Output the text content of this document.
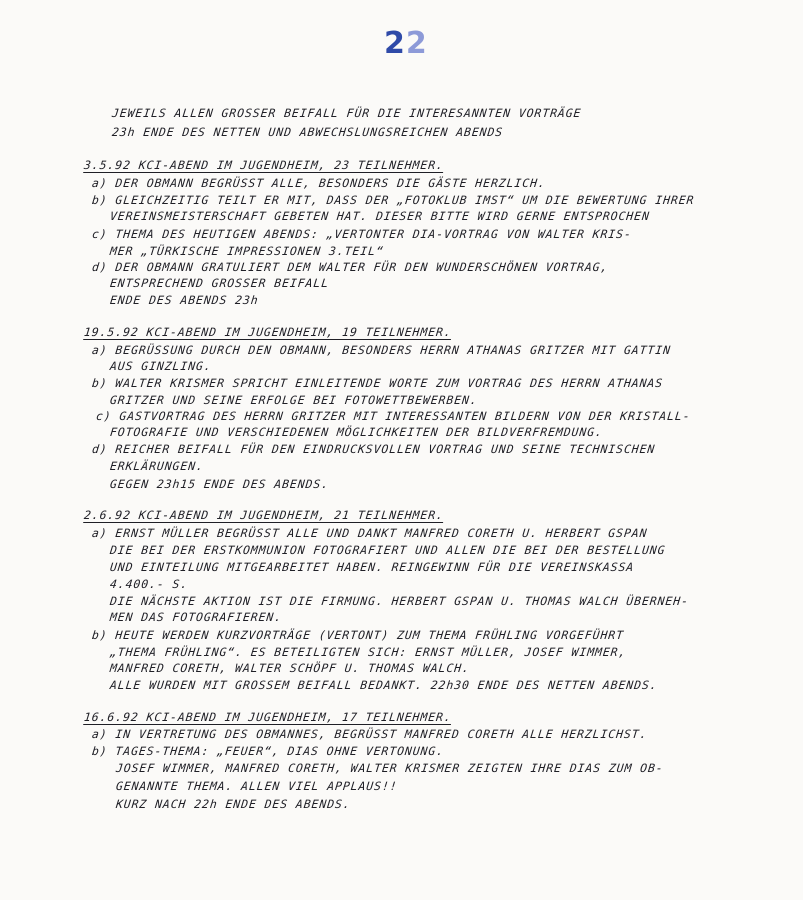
22
JEWEILS ALLEN GROSSER BEIFALL FÜR DIE INTERESANNTEN VORTRÄGE
23h ENDE DES NETTEN UND ABWECHSLUNGSREICHEN ABENDS
3.5.92 KCI-ABEND IM JUGENDHEIM, 23 TEILNEHMER.
a) DER OBMANN BEGRÜSST ALLE, BESONDERS DIE GÄSTE HERZLICH.
b) GLEICHZEITIG TEILT ER MIT, DASS DER „FOTOKLUB IMST“ UM DIE BEWERTUNG IHRER
VEREINSMEISTERSCHAFT GEBETEN HAT. DIESER BITTE WIRD GERNE ENTSPROCHEN
c) THEMA DES HEUTIGEN ABENDS: „VERTONTER DIA-VORTRAG VON WALTER KRIS-
MER „TÜRKISCHE IMPRESSIONEN 3.TEIL“
d) DER OBMANN GRATULIERT DEM WALTER FÜR DEN WUNDERSCHÖNEN VORTRAG,
ENTSPRECHEND GROSSER BEIFALL
ENDE DES ABENDS 23h
19.5.92 KCI-ABEND IM JUGENDHEIM, 19 TEILNEHMER.
a) BEGRÜSSUNG DURCH DEN OBMANN, BESONDERS HERRN ATHANAS GRITZER MIT GATTIN
AUS GINZLING.
b) WALTER KRISMER SPRICHT EINLEITENDE WORTE ZUM VORTRAG DES HERRN ATHANAS
GRITZER UND SEINE ERFOLGE BEI FOTOWETTBEWERBEN.
c) GASTVORTRAG DES HERRN GRITZER MIT INTERESSANTEN BILDERN VON DER KRISTALL-
FOTOGRAFIE UND VERSCHIEDENEN MÖGLICHKEITEN DER BILDVERFREMDUNG.
d) REICHER BEIFALL FÜR DEN EINDRUCKSVOLLEN VORTRAG UND SEINE TECHNISCHEN
ERKLÄRUNGEN.
GEGEN 23h15 ENDE DES ABENDS.
2.6.92 KCI-ABEND IM JUGENDHEIM, 21 TEILNEHMER.
a) ERNST MÜLLER BEGRÜSST ALLE UND DANKT MANFRED CORETH U. HERBERT GSPAN
DIE BEI DER ERSTKOMMUNION FOTOGRAFIERT UND ALLEN DIE BEI DER BESTELLUNG
UND EINTEILUNG MITGEARBEITET HABEN. REINGEWINN FÜR DIE VEREINSKASSA
4.400.- S.
DIE NÄCHSTE AKTION IST DIE FIRMUNG. HERBERT GSPAN U. THOMAS WALCH ÜBERNEH-
MEN DAS FOTOGRAFIEREN.
b) HEUTE WERDEN KURZVORTRÄGE (VERTONT) ZUM THEMA FRÜHLING VORGEFÜHRT
„THEMA FRÜHLING“. ES BETEILIGTEN SICH: ERNST MÜLLER, JOSEF WIMMER,
MANFRED CORETH, WALTER SCHÖPF U. THOMAS WALCH.
ALLE WURDEN MIT GROSSEM BEIFALL BEDANKT. 22h30 ENDE DES NETTEN ABENDS.
16.6.92 KCI-ABEND IM JUGENDHEIM, 17 TEILNEHMER.
a) IN VERTRETUNG DES OBMANNES, BEGRÜSST MANFRED CORETH ALLE HERZLICHST.
b) TAGES-THEMA: „FEUER“, DIAS OHNE VERTONUNG.
JOSEF WIMMER, MANFRED CORETH, WALTER KRISMER ZEIGTEN IHRE DIAS ZUM OB-
GENANNTE THEMA. ALLEN VIEL APPLAUS!!
KURZ NACH 22h ENDE DES ABENDS.
